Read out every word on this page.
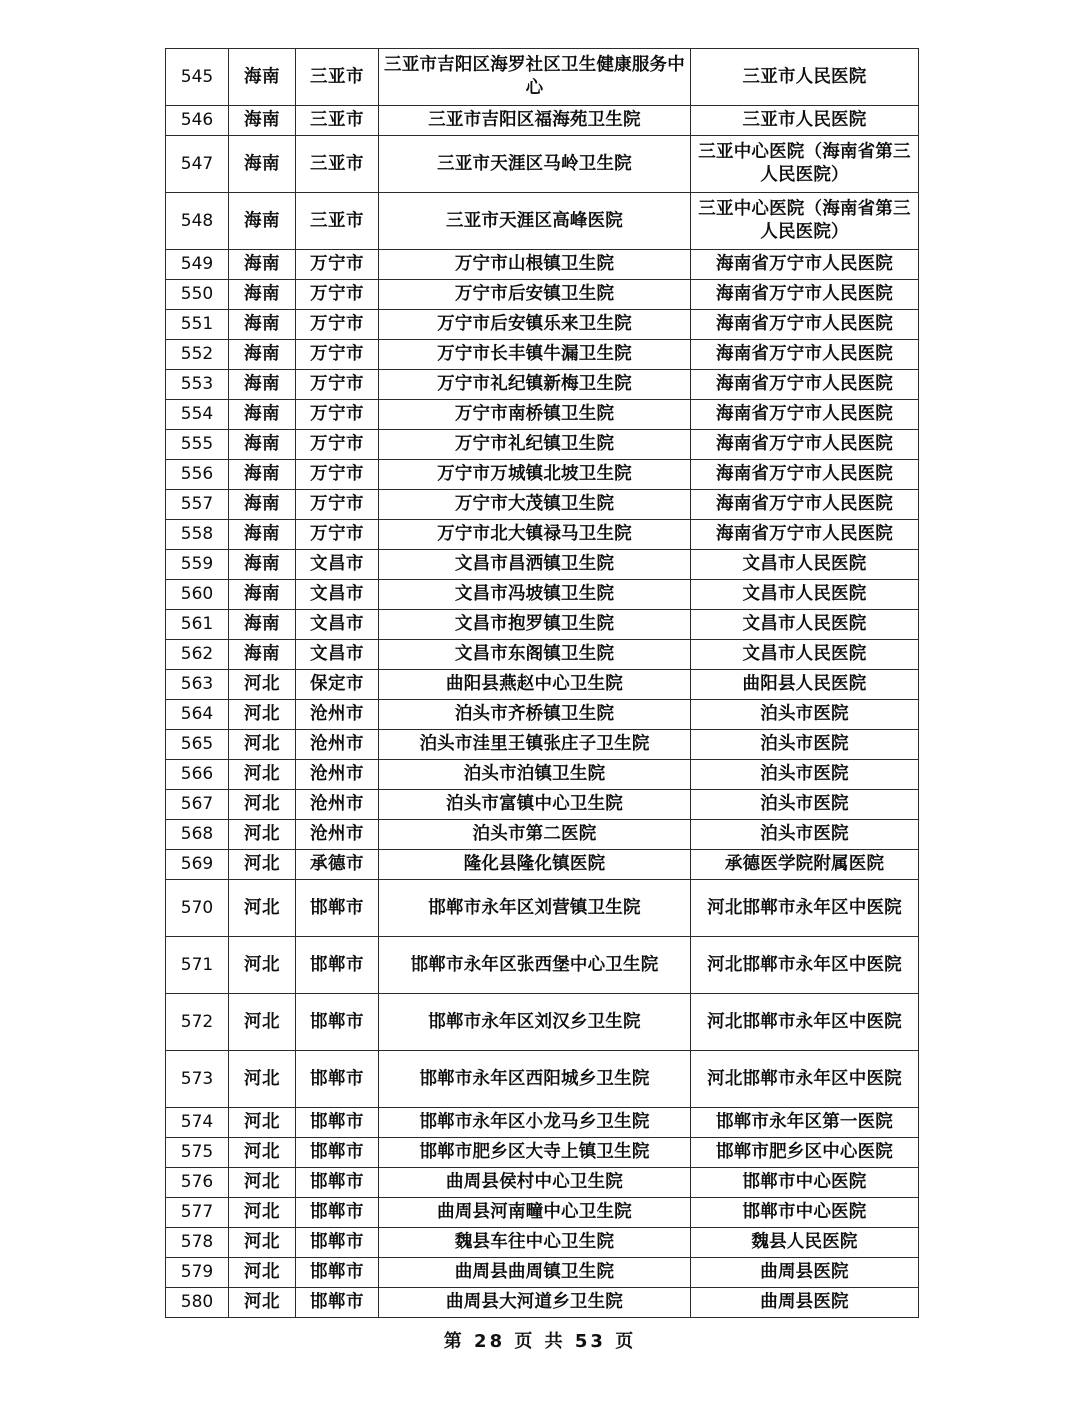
545	海南	三亚市	三亚市吉阳区海罗社区卫生健康服务中心	三亚市人民医院
546	海南	三亚市	三亚市吉阳区福海苑卫生院	三亚市人民医院
547	海南	三亚市	三亚市天涯区马岭卫生院	三亚中心医院（海南省第三人民医院）
548	海南	三亚市	三亚市天涯区高峰医院	三亚中心医院（海南省第三人民医院）
549	海南	万宁市	万宁市山根镇卫生院	海南省万宁市人民医院
550	海南	万宁市	万宁市后安镇卫生院	海南省万宁市人民医院
551	海南	万宁市	万宁市后安镇乐来卫生院	海南省万宁市人民医院
552	海南	万宁市	万宁市长丰镇牛漏卫生院	海南省万宁市人民医院
553	海南	万宁市	万宁市礼纪镇新梅卫生院	海南省万宁市人民医院
554	海南	万宁市	万宁市南桥镇卫生院	海南省万宁市人民医院
555	海南	万宁市	万宁市礼纪镇卫生院	海南省万宁市人民医院
556	海南	万宁市	万宁市万城镇北坡卫生院	海南省万宁市人民医院
557	海南	万宁市	万宁市大茂镇卫生院	海南省万宁市人民医院
558	海南	万宁市	万宁市北大镇禄马卫生院	海南省万宁市人民医院
559	海南	文昌市	文昌市昌洒镇卫生院	文昌市人民医院
560	海南	文昌市	文昌市冯坡镇卫生院	文昌市人民医院
561	海南	文昌市	文昌市抱罗镇卫生院	文昌市人民医院
562	海南	文昌市	文昌市东阁镇卫生院	文昌市人民医院
563	河北	保定市	曲阳县燕赵中心卫生院	曲阳县人民医院
564	河北	沧州市	泊头市齐桥镇卫生院	泊头市医院
565	河北	沧州市	泊头市洼里王镇张庄子卫生院	泊头市医院
566	河北	沧州市	泊头市泊镇卫生院	泊头市医院
567	河北	沧州市	泊头市富镇中心卫生院	泊头市医院
568	河北	沧州市	泊头市第二医院	泊头市医院
569	河北	承德市	隆化县隆化镇医院	承德医学院附属医院
570	河北	邯郸市	邯郸市永年区刘营镇卫生院	河北邯郸市永年区中医院
571	河北	邯郸市	邯郸市永年区张西堡中心卫生院	河北邯郸市永年区中医院
572	河北	邯郸市	邯郸市永年区刘汉乡卫生院	河北邯郸市永年区中医院
573	河北	邯郸市	邯郸市永年区西阳城乡卫生院	河北邯郸市永年区中医院
574	河北	邯郸市	邯郸市永年区小龙马乡卫生院	邯郸市永年区第一医院
575	河北	邯郸市	邯郸市肥乡区大寺上镇卫生院	邯郸市肥乡区中心医院
576	河北	邯郸市	曲周县侯村中心卫生院	邯郸市中心医院
577	河北	邯郸市	曲周县河南疃中心卫生院	邯郸市中心医院
578	河北	邯郸市	魏县车往中心卫生院	魏县人民医院
579	河北	邯郸市	曲周县曲周镇卫生院	曲周县医院
580	河北	邯郸市	曲周县大河道乡卫生院	曲周县医院
第 28 页 共 53 页
